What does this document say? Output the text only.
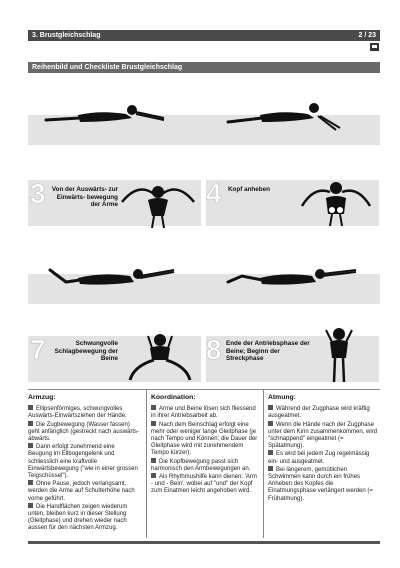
3. Brustgleichschlag	2 / 23
Reihenbild und Checkliste Brustgleichschlag
3 Von der Auswärts- zur Einwärts- bewegung der Arme	4 Kopf anheben
7	Schwungvolle Schlagbewegung der Beine	8 Ende der Antriebsphase der Beine; Beginn der Streckphase
Armzug:

Ellipsenförmiges, schwungvolles Auswärts-Einwärtsziehen der Hände.

Die Zugbewegung (Wasser fassen) geht anfänglich (gestreckt nach auswärts-abwärts.

Dann erfolgt zunehmend eine Beugung im Ellbogengelenk und schliesslich eine kraftvolle Einwärtsbewegung ("wie in einer grossen Teigschüssel").

Ohne Pause, jedoch verlangsamt, werden die Arme auf Schulterhöhe nach vorne geführt.

Die Handflächen zeigen wiederum unten, bleiben kurz in dieser Stellung (Gleitphase) und drehen wieder nach aussen für den nächsten Armzug.

Koordination:

Arme und Beine lösen sich fliessend in ihrer Antriebsarbeit ab.

Nach dem Beinschlag erfolgt eine mehr oder weniger lange Gleitphase (je nach Tempo und Können; die Dauer der Gleitphase wird mit zunehmendem Tempo kürzer).

Die Kopfbewegung passt sich harmonisch den Armbewegungen an.

Als Rhythmushilfe kann dienen: 'Arm - und - Bein', wobei auf "und" der Kopf zum Einatmen leicht angehoben wird.

Atmung:

Während der Zugphase wird kräftig ausgeatmet.

Wenn die Hände nach der Zugphase unter dem Kinn zusammenkommen, wird "schnappend" eingeatmet (= Spätatmung).

Es wird bei jedem Zug regelmässig ein- und ausgeatmet.

Bei längerem, gemütlichen Schwimmen kann durch ein frühes Anheben des Kopfes die Einatmungsphase verlängert werden (= Frühatmung).
